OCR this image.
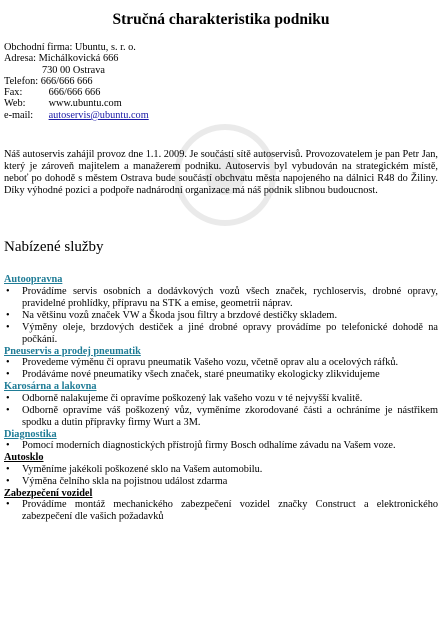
Stručná charakteristika podniku
Obchodní firma: Ubuntu, s. r. o.
Adresa: Michálkovická 666
730 00 Ostrava
Telefon: 666/666 666
Fax:	666/666 666
Web: www.ubuntu.com
e-mail: autoservis@ubuntu.com
Náš autoservis zahájil provoz dne 1.1. 2009. Je součástí sítě autoservisů. Provozovatelem je pan Petr Jan, který je zároveň majitelem a manažerem podniku. Autoservis byl vybudován na strategickém místě, neboť po dohodě s městem Ostrava bude součástí obchvatu města napojeného na dálnici R48 do Žiliny. Díky výhodné pozici a podpoře nadnárodní organizace má náš podnik slibnou budoucnost.
Nabízené služby
Autoopravna
• Provádíme servis osobních a dodávkových vozů všech značek, rychloservis, drobné opravy, pravidelné prohlídky, přípravu na STK a emise, geometrii náprav.
• Na většinu vozů značek VW a Škoda jsou filtry a brzdové destičky skladem.
• Výměny oleje, brzdových destiček a jiné drobné opravy provádíme po telefonické dohodě na počkání.
Pneuservis a prodej pneumatik
• Provedeme výměnu či opravu pneumatik Vašeho vozu, včetně oprav alu a ocelových ráfků.
• Prodáváme nové pneumatiky všech značek, staré pneumatiky ekologicky zlikvidujeme
Karosárna a lakovna
• Odborně nalakujeme či opravíme poškozený lak vašeho vozu v té nejvyšší kvalitě.
• Odborně opravíme váš poškozený vůz, vyměníme zkorodované části a ochráníme je nástřikem spodku a dutin přípravky firmy Wurt a 3M.
Diagnostika
• Pomocí moderních diagnostických přístrojů firmy Bosch odhalíme závadu na Vašem voze.
Autosklo
• Vyměníme jakékoli poškozené sklo na Vašem automobilu.
• Výměna čelního skla na pojistnou událost zdarma
Zabezpečení vozidel
• Provádíme montáž mechanického zabezpečení vozidel značky Construct a elektronického zabezpečení dle vašich požadavků
